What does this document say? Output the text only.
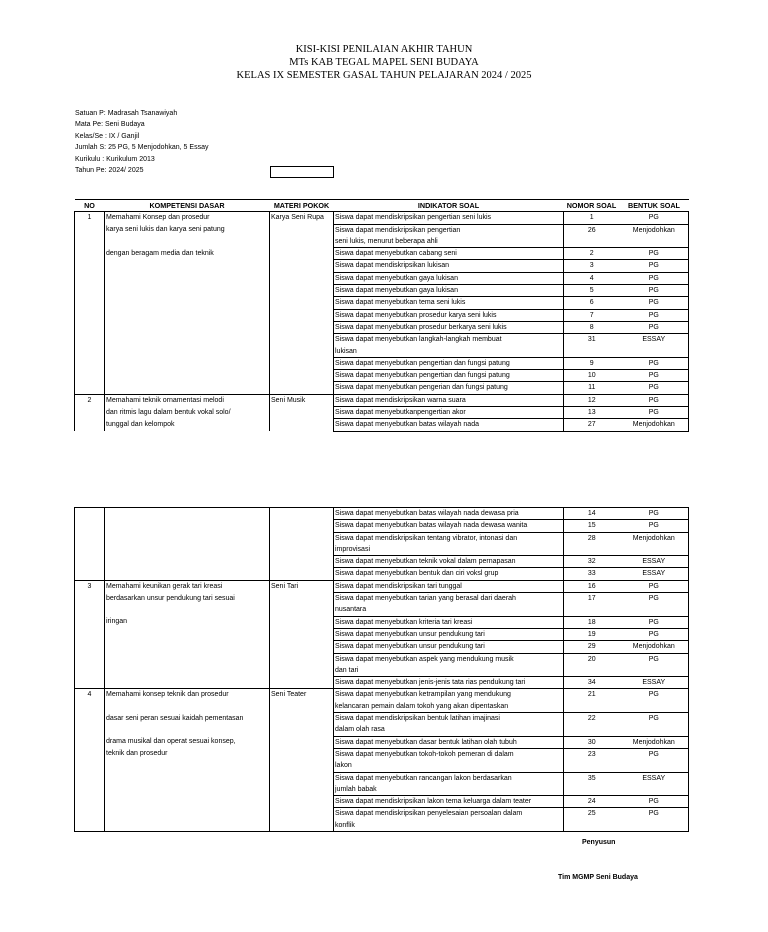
KISI-KISI PENILAIAN AKHIR TAHUN
MTs KAB TEGAL MAPEL SENI BUDAYA
KELAS IX SEMESTER GASAL TAHUN PELAJARAN 2024 / 2025
Satuan P: Madrasah Tsanawiyah
Mata Pe: Seni Budaya
Kelas/Se : IX / Ganjil
Jumlah S: 25 PG, 5 Menjodohkan, 5 Essay
Kurikulu : Kurikulum 2013
Tahun Pe: 2024/ 2025
NO	KOMPETENSI DASAR	MATERI POKOK	INDIKATOR SOAL	NOMOR SOAL	BENTUK SOAL
1	Memahami Konsep dan prosedur	Karya Seni Rupa	Siswa dapat mendiskripsikan pengertian seni lukis	1	PG
	karya seni lukis dan karya seni patung		Siswa dapat mendiskripsikan pengertian
seni lukis, menurut beberapa ahli	26	Menjodohkan
	dengan beragam media dan teknik		Siswa dapat menyebutkan cabang seni	2	PG

			Siswa dapat mendiskripsikan lukisan	3	PG

			Siswa dapat menyebutkan gaya lukisan	4	PG

			Siswa dapat menyebutkan gaya lukisan	5	PG

			Siswa dapat menyebutkan tema seni lukis	6	PG

			Siswa dapat menyebutkan prosedur karya seni lukis	7	PG

			Siswa dapat menyebutkan prosedur berkarya seni lukis	8	PG

			Siswa dapat menyebutkan langkah-langkah membuat
lukisan	31	ESSAY

			Siswa dapat menyebutkan pengertian dan fungsi patung	9	PG

			Siswa dapat menyebutkan pengertian dan fungsi patung	10	PG

			Siswa dapat menyebutkan pengerian dan fungsi patung	11	PG
2	Memahami teknik ornamentasi melodi	Seni Musik	Siswa dapat mendiskripsikan warna suara	12	PG
	dan ritmis lagu dalam bentuk vokal solo/		Siswa dapat menyebutkanpengertian akor	13	PG
	tunggal dan kelompok		Siswa dapat menyebutkan batas wilayah nada	27	Menjodohkan

			Siswa dapat menyebutkan batas wilayah nada dewasa pria	14	PG

			Siswa dapat menyebutkan batas wilayah nada dewasa wanita	15	PG

			Siswa dapat mendiskripsikan tentang vibrator, intonasi dan
improvisasi	28	Menjodohkan

			Siswa dapat menyebutkan teknik vokal dalam pernapasan	32	ESSAY

			Siswa dapat menyebutkan bentuk dan ciri voksl grup	33	ESSAY
3	Memahami keunikan gerak tari kreasi	Seni Tari	Siswa dapat mendiskripsikan tari tunggal	16	PG
	berdasarkan unsur pendukung tari sesuai		Siswa dapat menyebutkan tarian yang berasal dari daerah
nusantara	17	PG
	iringan		Siswa dapat menyebutkan kriteria tari kreasi	18	PG

			Siswa dapat menyebutkan unsur pendukung tari	19	PG

			Siswa dapat menyebutkan unsur pendukung tari	29	Menjodohkan

			Siswa dapat menyebutkan aspek yang mendukung musik
dan tari	20	PG

			Siswa dapat menyebutkan jenis-jenis tata rias pendukung tari	34	ESSAY
4	Memahami konsep teknik dan prosedur	Seni Teater	Siswa dapat menyebutkan ketrampilan yang mendukung
kelancaran pemain dalam tokoh yang akan dipentaskan	21	PG
	dasar seni peran sesuai kaidah pementasan		Siswa dapat mendiskripsikan bentuk latihan imajinasi
dalam olah rasa	22	PG
	drama musikal dan operat sesuai konsep,		Siswa dapat menyebutkan dasar bentuk latihan olah tubuh	30	Menjodohkan
	teknik dan prosedur		Siswa dapat menyebutkan tokoh-tokoh pemeran di dalam
lakon	23	PG

			Siswa dapat menyebutkan rancangan lakon berdasarkan
jumlah babak	35	ESSAY

			Siswa dapat mendiskripsikan lakon tema keluarga dalam teater	24	PG

			Siswa dapat mendiskripsikan penyelesaian persoalan dalam
konflik	25	PG
Penyusun
Tim MGMP Seni Budaya
